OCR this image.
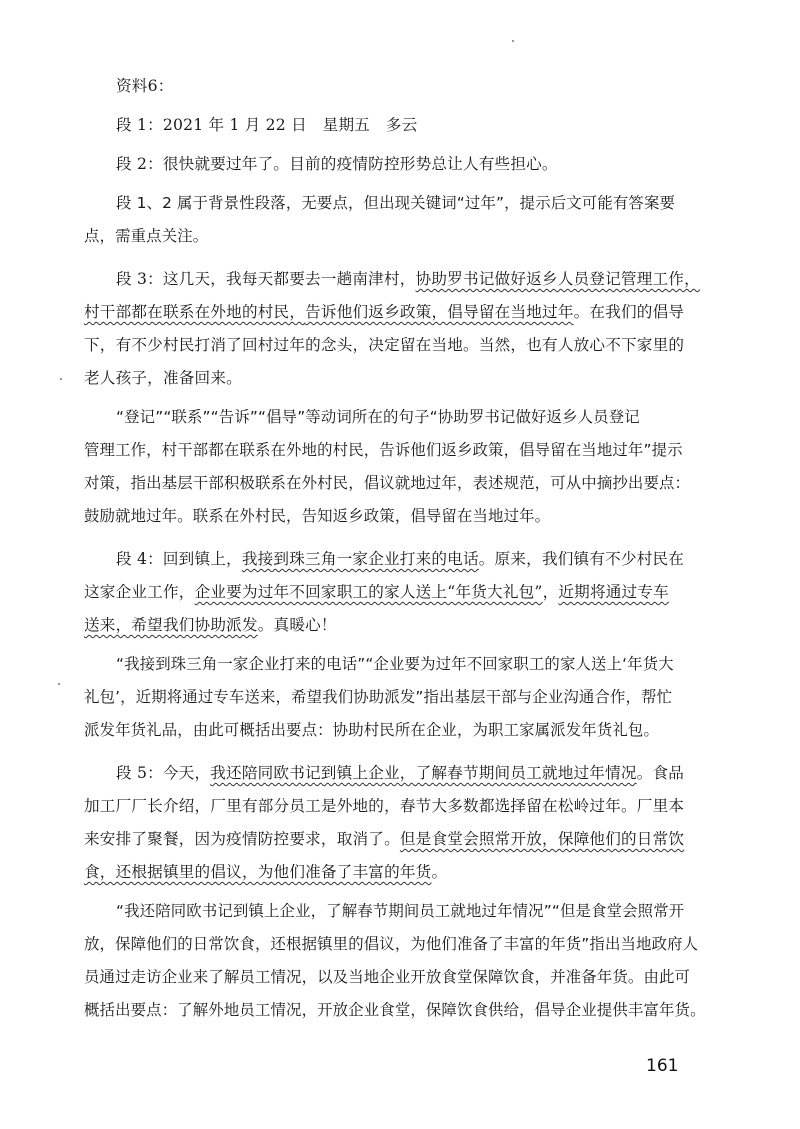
资料6：

段 1：2021 年 1 月 22 日　星期五　多云

段 2：很快就要过年了。目前的疫情防控形势总让人有些担心。

段 1、2 属于背景性段落，无要点，但出现关键词“过年”，提示后文可能有答案要

点，需重点关注。

段 3：这几天，我每天都要去一趟南津村，协助罗书记做好返乡人员登记管理工作，

村干部都在联系在外地的村民，告诉他们返乡政策，倡导留在当地过年。在我们的倡导

下，有不少村民打消了回村过年的念头，决定留在当地。当然，也有人放心不下家里的

老人孩子，准备回来。

“登记”“联系”“告诉”“倡导”等动词所在的句子“协助罗书记做好返乡人员登记

管理工作，村干部都在联系在外地的村民，告诉他们返乡政策，倡导留在当地过年”提示

对策，指出基层干部积极联系在外村民，倡议就地过年，表述规范，可从中摘抄出要点：

鼓励就地过年。联系在外村民，告知返乡政策，倡导留在当地过年。

段 4：回到镇上，我接到珠三角一家企业打来的电话。原来，我们镇有不少村民在

这家企业工作，企业要为过年不回家职工的家人送上“年货大礼包”，近期将通过专车

送来，希望我们协助派发。真暖心！

“我接到珠三角一家企业打来的电话”“企业要为过年不回家职工的家人送上‘年货大

礼包’，近期将通过专车送来，希望我们协助派发”指出基层干部与企业沟通合作，帮忙

派发年货礼品，由此可概括出要点：协助村民所在企业，为职工家属派发年货礼包。

段 5：今天，我还陪同欧书记到镇上企业，了解春节期间员工就地过年情况。食品

加工厂厂长介绍，厂里有部分员工是外地的，春节大多数都选择留在松岭过年。厂里本

来安排了聚餐，因为疫情防控要求，取消了。但是食堂会照常开放，保障他们的日常饮

食，还根据镇里的倡议，为他们准备了丰富的年货。

“我还陪同欧书记到镇上企业，了解春节期间员工就地过年情况”“但是食堂会照常开

放，保障他们的日常饮食，还根据镇里的倡议，为他们准备了丰富的年货”指出当地政府人

员通过走访企业来了解员工情况，以及当地企业开放食堂保障饮食，并准备年货。由此可

概括出要点：了解外地员工情况，开放企业食堂，保障饮食供给，倡导企业提供丰富年货。

161
